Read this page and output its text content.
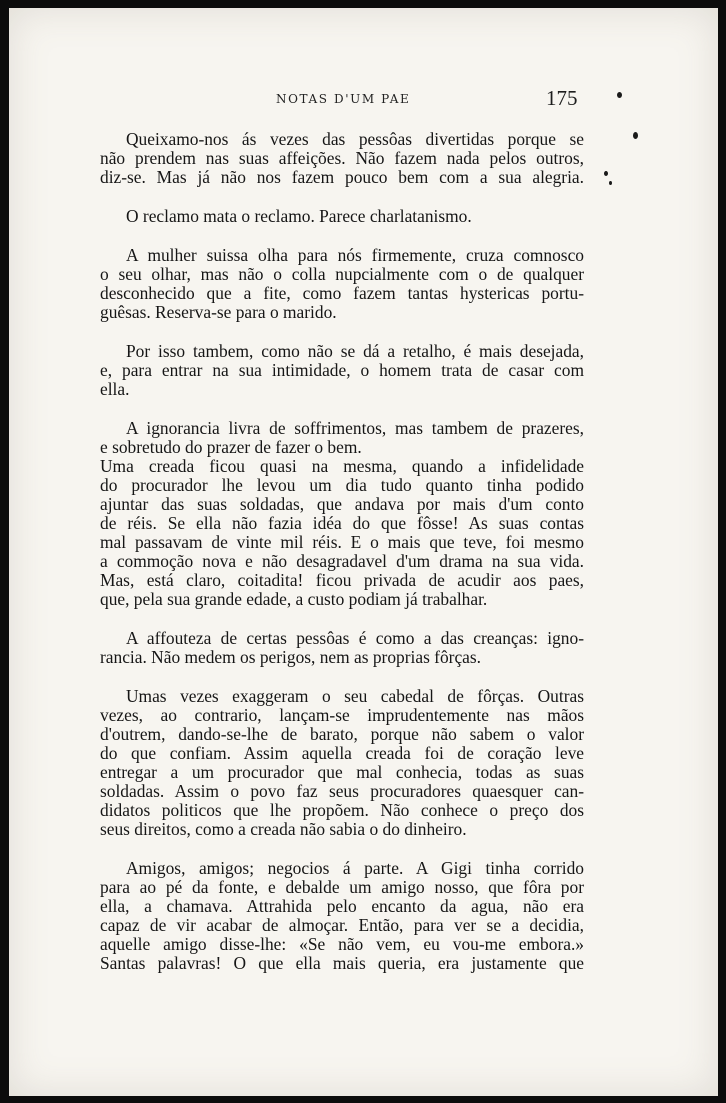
NOTAS D'UM PAE	175
Queixamo-nos ás vezes das pessôas divertidas porque se
não prendem nas suas affeições. Não fazem nada pelos outros,
diz-se. Mas já não nos fazem pouco bem com a sua alegria.
O reclamo mata o reclamo. Parece charlatanismo.
A mulher suissa olha para nós firmemente, cruza comnosco
o seu olhar, mas não o colla nupcialmente com o de qualquer
desconhecido que a fite, como fazem tantas hystericas portu-
guêsas. Reserva-se para o marido.
Por isso tambem, como não se dá a retalho, é mais desejada,
e, para entrar na sua intimidade, o homem trata de casar com
ella.
A ignorancia livra de soffrimentos, mas tambem de prazeres,
e sobretudo do prazer de fazer o bem.
Uma creada ficou quasi na mesma, quando a infidelidade
do procurador lhe levou um dia tudo quanto tinha podido
ajuntar das suas soldadas, que andava por mais d'um conto
de réis. Se ella não fazia idéa do que fôsse! As suas contas
mal passavam de vinte mil réis. E o mais que teve, foi mesmo
a commoção nova e não desagradavel d'um drama na sua vida.
Mas, está claro, coitadita! ficou privada de acudir aos paes,
que, pela sua grande edade, a custo podiam já trabalhar.
A affouteza de certas pessôas é como a das creanças: igno-
rancia. Não medem os perigos, nem as proprias fôrças.
Umas vezes exaggeram o seu cabedal de fôrças. Outras
vezes, ao contrario, lançam-se imprudentemente nas mãos
d'outrem, dando-se-lhe de barato, porque não sabem o valor
do que confiam. Assim aquella creada foi de coração leve
entregar a um procurador que mal conhecia, todas as suas
soldadas. Assim o povo faz seus procuradores quaesquer can-
didatos politicos que lhe propõem. Não conhece o preço dos
seus direitos, como a creada não sabia o do dinheiro.
Amigos, amigos; negocios á parte. A Gigi tinha corrido
para ao pé da fonte, e debalde um amigo nosso, que fôra por
ella, a chamava. Attrahida pelo encanto da agua, não era
capaz de vir acabar de almoçar. Então, para ver se a decidia,
aquelle amigo disse-lhe: «Se não vem, eu vou-me embora.»
Santas palavras! O que ella mais queria, era justamente que
